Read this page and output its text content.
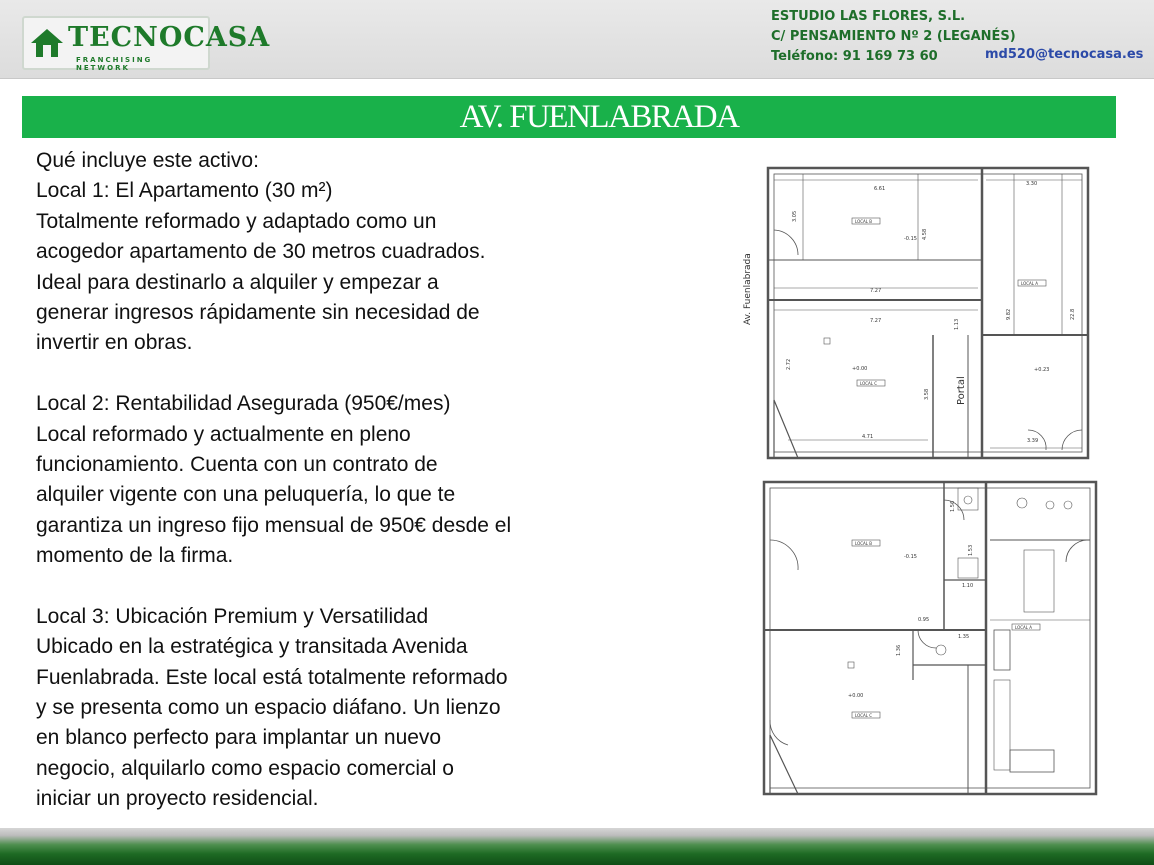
TECNOCASA
FRANCHISING NETWORK
ESTUDIO LAS FLORES, S.L.
C/ PENSAMIENTO Nº 2 (LEGANÉS)
Teléfono: 91 169 73 60	md520@tecnocasa.es
AV. FUENLABRADA
Qué incluye este activo:
Local 1: El Apartamento (30 m²)
Totalmente reformado y adaptado como un
acogedor apartamento de 30 metros cuadrados.
Ideal para destinarlo a alquiler y empezar a
generar ingresos rápidamente sin necesidad de
invertir en obras.
Local 2: Rentabilidad Asegurada (950€/mes)
Local reformado y actualmente en pleno
funcionamiento. Cuenta con un contrato de
alquiler vigente con una peluquería, lo que te
garantiza un ingreso fijo mensual de 950€ desde el
momento de la firma.
Local 3: Ubicación Premium y Versatilidad
Ubicado en la estratégica y transitada Avenida
Fuenlabrada. Este local está totalmente reformado
y se presenta como un espacio diáfano. Un lienzo
en blanco perfecto para implantar un nuevo
negocio, alquilarlo como espacio comercial o
iniciar un proyecto residencial.
Av. Fuenlabrada
Portal
6.61
3.30
3.05
4.58
7.27
7.27	1.13
9.82
2.72
3.58
4.71
3.39
22.8
-0.15
+0.00	+0.23
LOCAL B
LOCAL A
LOCAL C
1.56
1.53
1.10
0.95
1.35
1.36
-0.15
+0.00
LOCAL B
LOCAL A
LOCAL C
